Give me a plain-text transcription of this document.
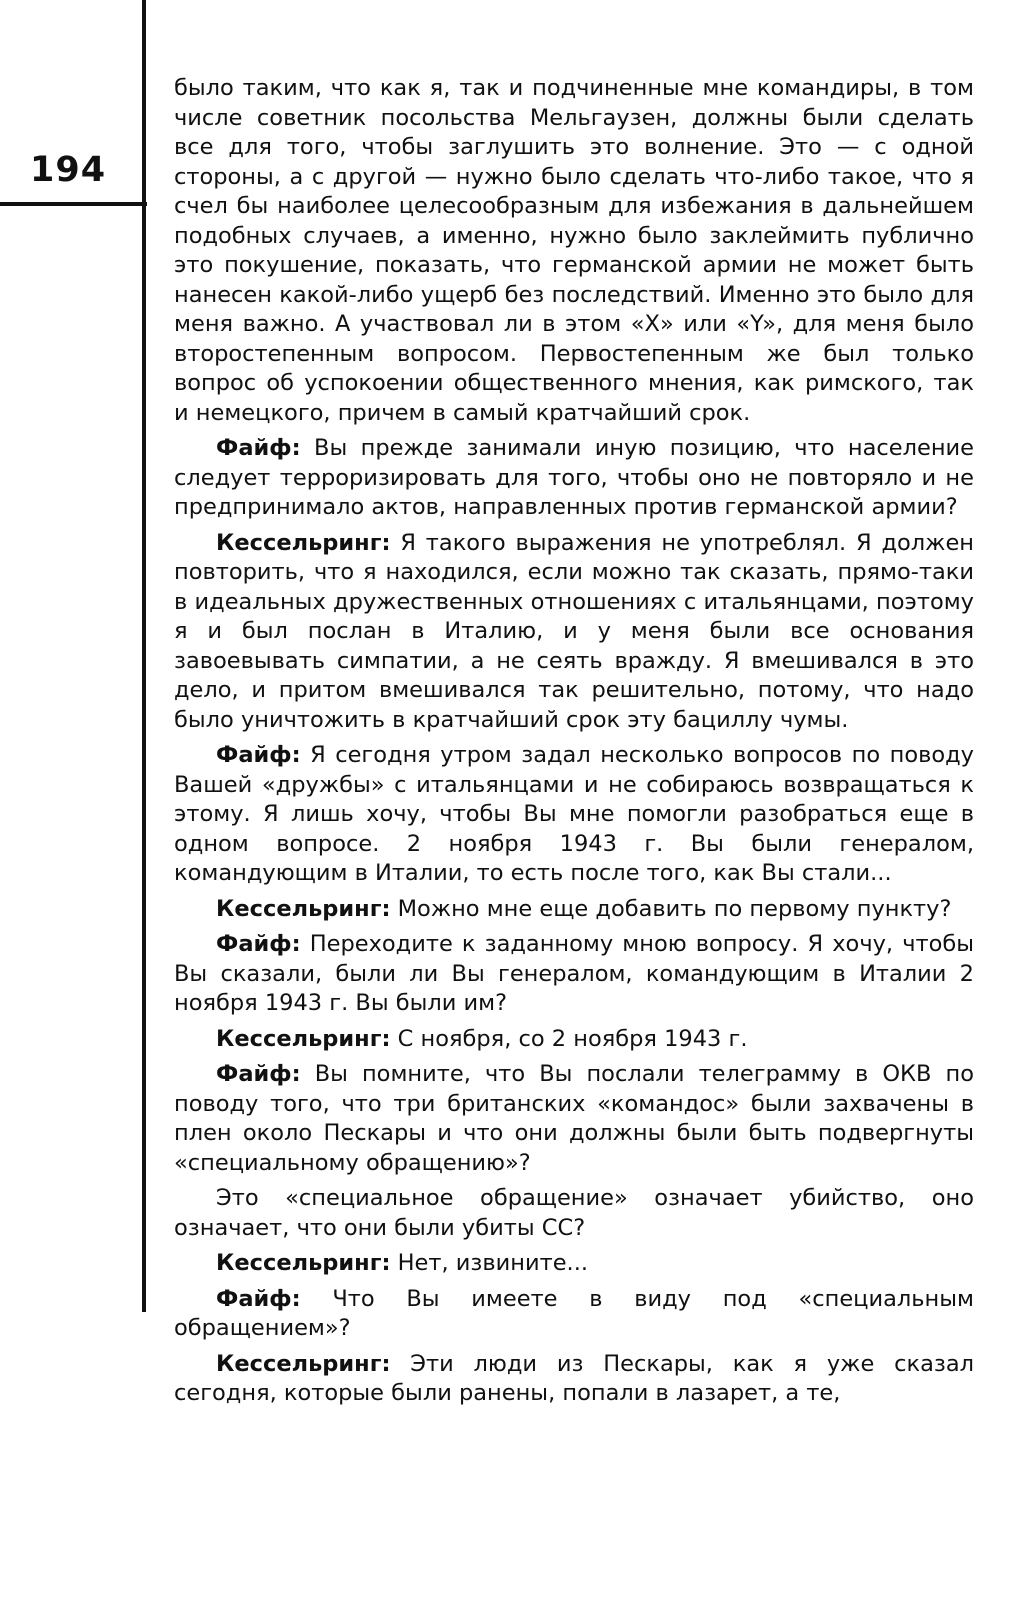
194

было таким, что как я, так и подчиненные мне командиры, в том числе советник посольства Мельгаузен, должны были сделать все для того, чтобы заглушить это волнение. Это — с одной стороны, а с другой — нужно было сделать что-либо такое, что я счел бы наиболее целесообразным для избежания в дальнейшем подобных случаев, а именно, нужно было заклеймить публично это покушение, показать, что германской армии не может быть нанесен какой-либо ущерб без последствий. Именно это было для меня важно. А участвовал ли в этом «X» или «Y», для меня было второстепенным вопросом. Первостепенным же был только вопрос об успокоении общественного мнения, как римского, так и немецкого, причем в самый кратчайший срок.

Файф: Вы прежде занимали иную позицию, что население следует терроризировать для того, чтобы оно не повторяло и не предпринимало актов, направленных против германской армии?

Кессельринг: Я такого выражения не употреблял. Я должен повторить, что я находился, если можно так сказать, прямо-таки в идеальных дружественных отношениях с итальянцами, поэтому я и был послан в Италию, и у меня были все основания завоевывать симпатии, а не сеять вражду. Я вмешивался в это дело, и притом вмешивался так решительно, потому, что надо было уничтожить в кратчайший срок эту бациллу чумы.

Файф: Я сегодня утром задал несколько вопросов по поводу Вашей «дружбы» с итальянцами и не собираюсь возвращаться к этому. Я лишь хочу, чтобы Вы мне помогли разобраться еще в одном вопросе. 2 ноября 1943 г. Вы были генералом, командующим в Италии, то есть после того, как Вы стали...

Кессельринг: Можно мне еще добавить по первому пункту?

Файф: Переходите к заданному мною вопросу. Я хочу, чтобы Вы сказали, были ли Вы генералом, командующим в Италии 2 ноября 1943 г. Вы были им?

Кессельринг: С ноября, со 2 ноября 1943 г.

Файф: Вы помните, что Вы послали телеграмму в ОКВ по поводу того, что три британских «командос» были захвачены в плен около Пескары и что они должны были быть подвергнуты «специальному обращению»?

Это «специальное обращение» означает убийство, оно означает, что они были убиты СС?

Кессельринг: Нет, извините...

Файф: Что Вы имеете в виду под «специальным обращением»?

Кессельринг: Эти люди из Пескары, как я уже сказал сегодня, которые были ранены, попали в лазарет, а те,
